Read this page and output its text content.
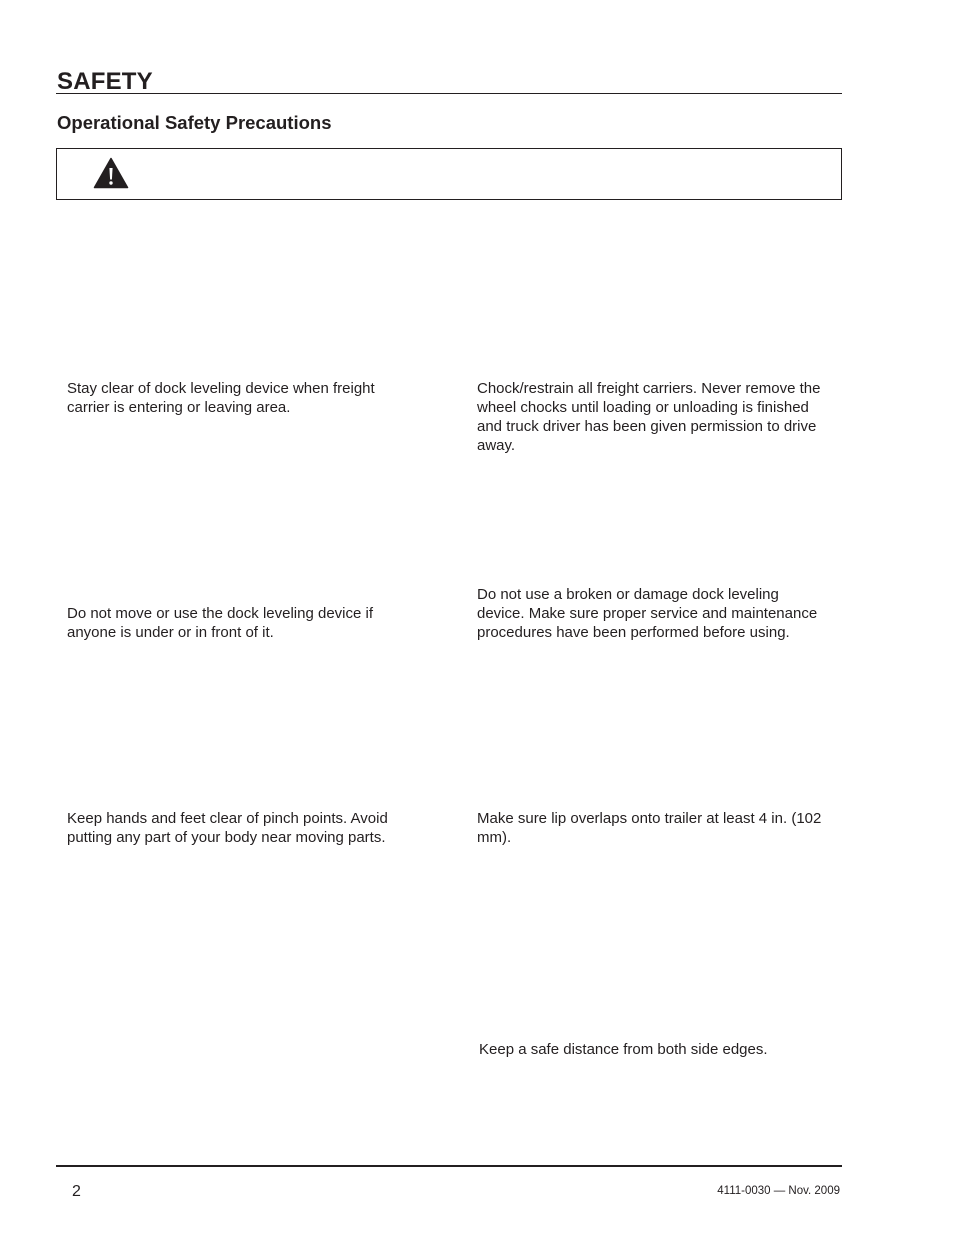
SAFETY
Operational Safety Precautions

Stay clear of dock leveling device when freight carrier is entering or leaving area.

Chock/restrain all freight carriers. Never remove the wheel chocks until loading or unloading is finished and truck driver has been given permission to drive away.

Do not move or use the dock leveling device if anyone is under or in front of it.

Do not use a broken or damage dock leveling device. Make sure proper service and maintenance procedures have been performed before using.

Keep hands and feet clear of pinch points. Avoid putting any part of your body near moving parts.

Make sure lip overlaps onto trailer at least 4 in. (102 mm).

Keep a safe distance from both side edges.

2	4111-0030 — Nov. 2009
